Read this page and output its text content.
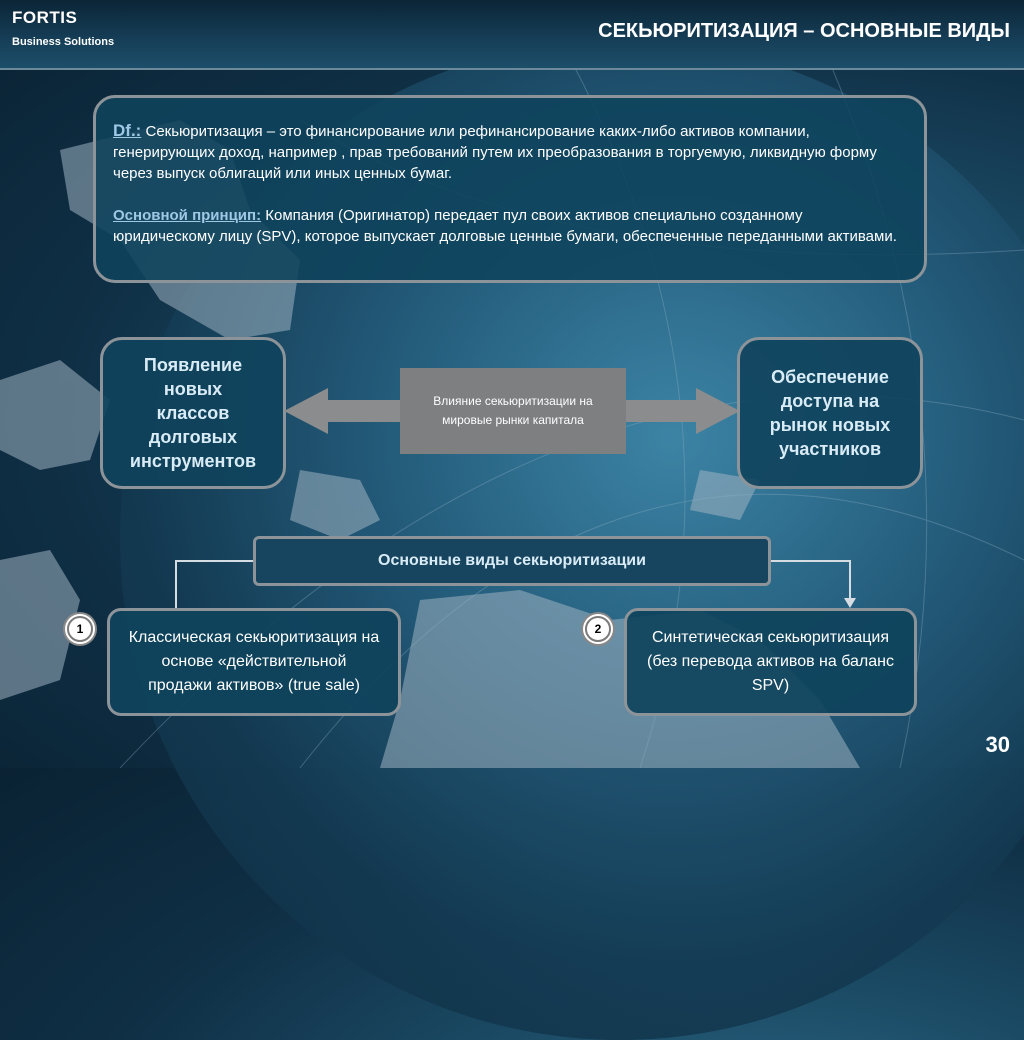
FORTIS
Business Solutions	СЕКЬЮРИТИЗАЦИЯ – ОСНОВНЫЕ ВИДЫ

Df.: Секьюритизация – это финансирование или рефинансирование каких-либо активов компании, генерирующих доход, например , прав требований путем их преобразования в торгуемую, ликвидную форму через выпуск облигаций или иных ценных бумаг.

Основной принцип: Компания (Оригинатор) передает пул своих активов специально созданному юридическому лицу (SPV), которое выпускает долговые ценные бумаги, обеспеченные переданными активами.

Появление
новых
классов
долговых
инструментов
Влияние секьюритизации на
мировые рынки капитала
Обеспечение
доступа на
рынок новых
участников
Основные виды секьюритизации
1	Классическая секьюритизация на
основе «действительной
продажи активов» (true sale)
2	Синтетическая секьюритизация
(без перевода активов на баланс
SPV)
30
